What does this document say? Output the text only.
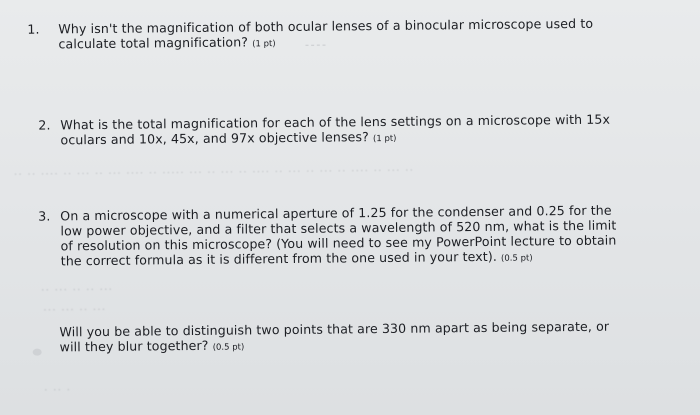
·· ·· ···· ·· ··· ·· ··· ···· ·· ····· ··· ·· ··· ·· ···· ·· ··· ·· ··· ·· ···· ·· ··· ··
·· ··· ·· ·· ···
··· ··· ·· ···
· ·· ·
1. Why isn't the magnification of both ocular lenses of a binocular microscope used to
calculate total magnification? (1 pt)
2. What is the total magnification for each of the lens settings on a microscope with 15x
oculars and 10x, 45x, and 97x objective lenses? (1 pt)
3. On a microscope with a numerical aperture of 1.25 for the condenser and 0.25 for the
low power objective, and a filter that selects a wavelength of 520 nm, what is the limit
of resolution on this microscope? (You will need to see my PowerPoint lecture to obtain
the correct formula as it is different from the one used in your text). (0.5 pt)
Will you be able to distinguish two points that are 330 nm apart as being separate, or
will they blur together? (0.5 pt)
